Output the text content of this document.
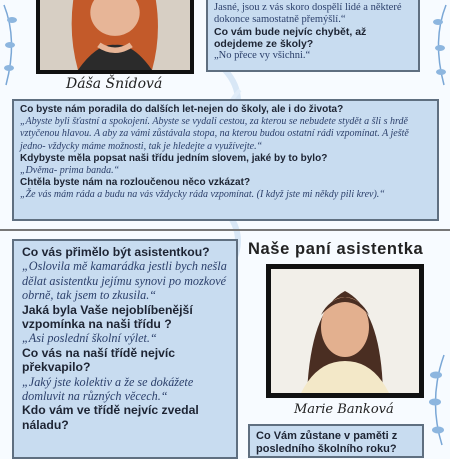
Dáša Šnídová
Jasné, jsou z vás skoro dospělí lidé a některé dokonce samostatně přemýšlí.“
Co vám bude nejvíc chybět, až odejdeme ze školy?
„No přece vy všichni.“
Co byste nám poradila do dalších let-nejen do školy, ale i do života?
„Abyste byli šťastní a spokojení. Abyste se vydali cestou, za kterou se nebudete stydět a šli s hrdě vztyčenou hlavou. A aby za vámi zůstávala stopa, na kterou budou ostatní rádi vzpomínat. A ještě jedno- vždycky máme možnosti, tak je hledejte a využívejte.“
Kdybyste měla popsat naši třídu jedním slovem, jaké by to bylo?
„Dvěma- prima banda.“
Chtěla byste nám na rozloučenou něco vzkázat?
„Že vás mám ráda a budu na vás vždycky ráda vzpomínat. (I když jste mi někdy pili krev).“
Co vás přimělo být asistentkou?
„Oslovila mě kamarádka jestli bych nešla dělat asistentku jejímu synovi po mozkové obrně, tak jsem to zkusila.“
Jaká byla Vaše nejoblíbenější vzpomínka na naši třídu ?
„Asi poslední školní výlet.“
Co vás na naší třídě nejvíc překvapilo?
„Jaký jste kolektiv a že se dokážete domluvit na různých věcech.“
Kdo vám ve třídě nejvíc zvedal náladu?
Naše paní asistentka
Marie Banková
Co Vám zůstane v paměti z posledního školního roku?
